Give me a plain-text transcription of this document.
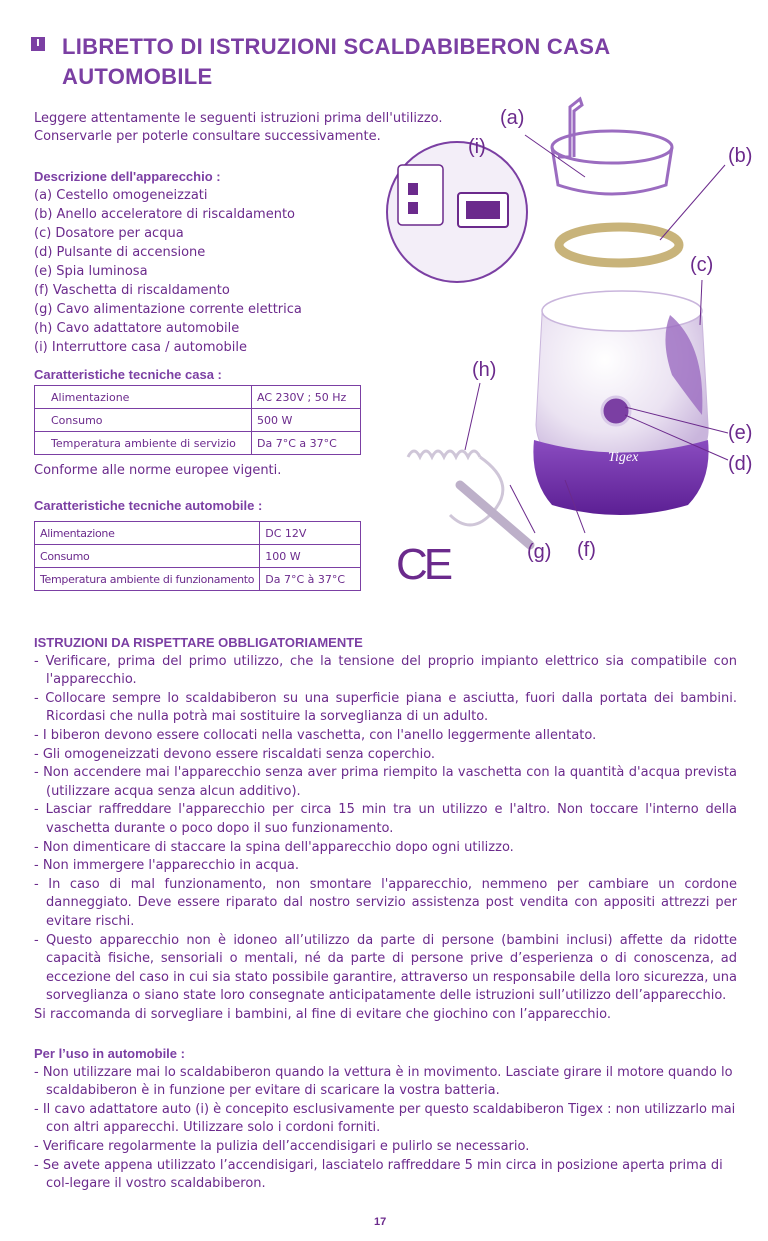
I LIBRETTO DI ISTRUZIONI SCALDABIBERON CASA AUTOMOBILE
Leggere attentamente le seguenti istruzioni prima dell'utilizzo.
Conservarle per poterle consultare successivamente.
Descrizione dell'apparecchio :
(a) Cestello omogeneizzati
(b) Anello acceleratore di riscaldamento
(c) Dosatore per acqua
(d) Pulsante di accensione
(e) Spia luminosa
(f) Vaschetta di riscaldamento
(g) Cavo alimentazione corrente elettrica
(h) Cavo adattatore automobile
(i) Interruttore casa / automobile
Caratteristiche tecniche casa :
Alimentazione	AC 230V ; 50 Hz
Consumo	500 W
Temperatura ambiente di servizio	Da 7°C a 37°C
Conforme alle norme europee vigenti.
Caratteristiche tecniche automobile :
Alimentazione	DC 12V
Consumo	100 W
Temperatura ambiente di funzionamento	Da 7°C à 37°C
Tigex
(a)
(i)	(b)
(c)
(h)
(e)
(d)
(g) (f)
CE
ISTRUZIONI DA RISPETTARE OBBLIGATORIAMENTE
- Verificare, prima del primo utilizzo, che la tensione del proprio impianto elettrico sia compatibile con l'apparecchio.
- Collocare sempre lo scaldabiberon su una superficie piana e asciutta, fuori dalla portata dei bambini. Ricordasi che nulla potrà mai sostituire la sorveglianza di un adulto.
- I biberon devono essere collocati nella vaschetta, con l'anello leggermente allentato.
- Gli omogeneizzati devono essere riscaldati senza coperchio.
- Non accendere mai l'apparecchio senza aver prima riempito la vaschetta con la quantità d'acqua prevista (utilizzare acqua senza alcun additivo).
- Lasciar raffreddare l'apparecchio per circa 15 min tra un utilizzo e l'altro. Non toccare l'interno della vaschetta durante o poco dopo il suo funzionamento.
- Non dimenticare di staccare la spina dell'apparecchio dopo ogni utilizzo.
- Non immergere l'apparecchio in acqua.
- In caso di mal funzionamento, non smontare l'apparecchio, nemmeno per cambiare un cordone danneggiato. Deve essere riparato dal nostro servizio assistenza post vendita con appositi attrezzi per evitare rischi.
- Questo apparecchio non è idoneo all’utilizzo da parte di persone (bambini inclusi) affette da ridotte capacità fisiche, sensoriali o mentali, né da parte di persone prive d’esperienza o di conoscenza, ad eccezione del caso in cui sia stato possibile garantire, attraverso un responsabile della loro sicurezza, una sorveglianza o siano state loro consegnate anticipatamente delle istruzioni sull’utilizzo dell’apparecchio.
Si raccomanda di sorvegliare i bambini, al fine di evitare che giochino con l’apparecchio.
Per l’uso in automobile :
- Non utilizzare mai lo scaldabiberon quando la vettura è in movimento. Lasciate girare il motore quando lo scaldabiberon è in funzione per evitare di scaricare la vostra batteria.
- Il cavo adattatore auto (i) è concepito esclusivamente per questo scaldabiberon Tigex : non utilizzarlo mai con altri apparecchi. Utilizzare solo i cordoni forniti.
- Verificare regolarmente la pulizia dell’accendisigari e pulirlo se necessario.
- Se avete appena utilizzato l’accendisigari, lasciatelo raffreddare 5 min circa in posizione aperta prima di col-legare il vostro scaldabiberon.
17
